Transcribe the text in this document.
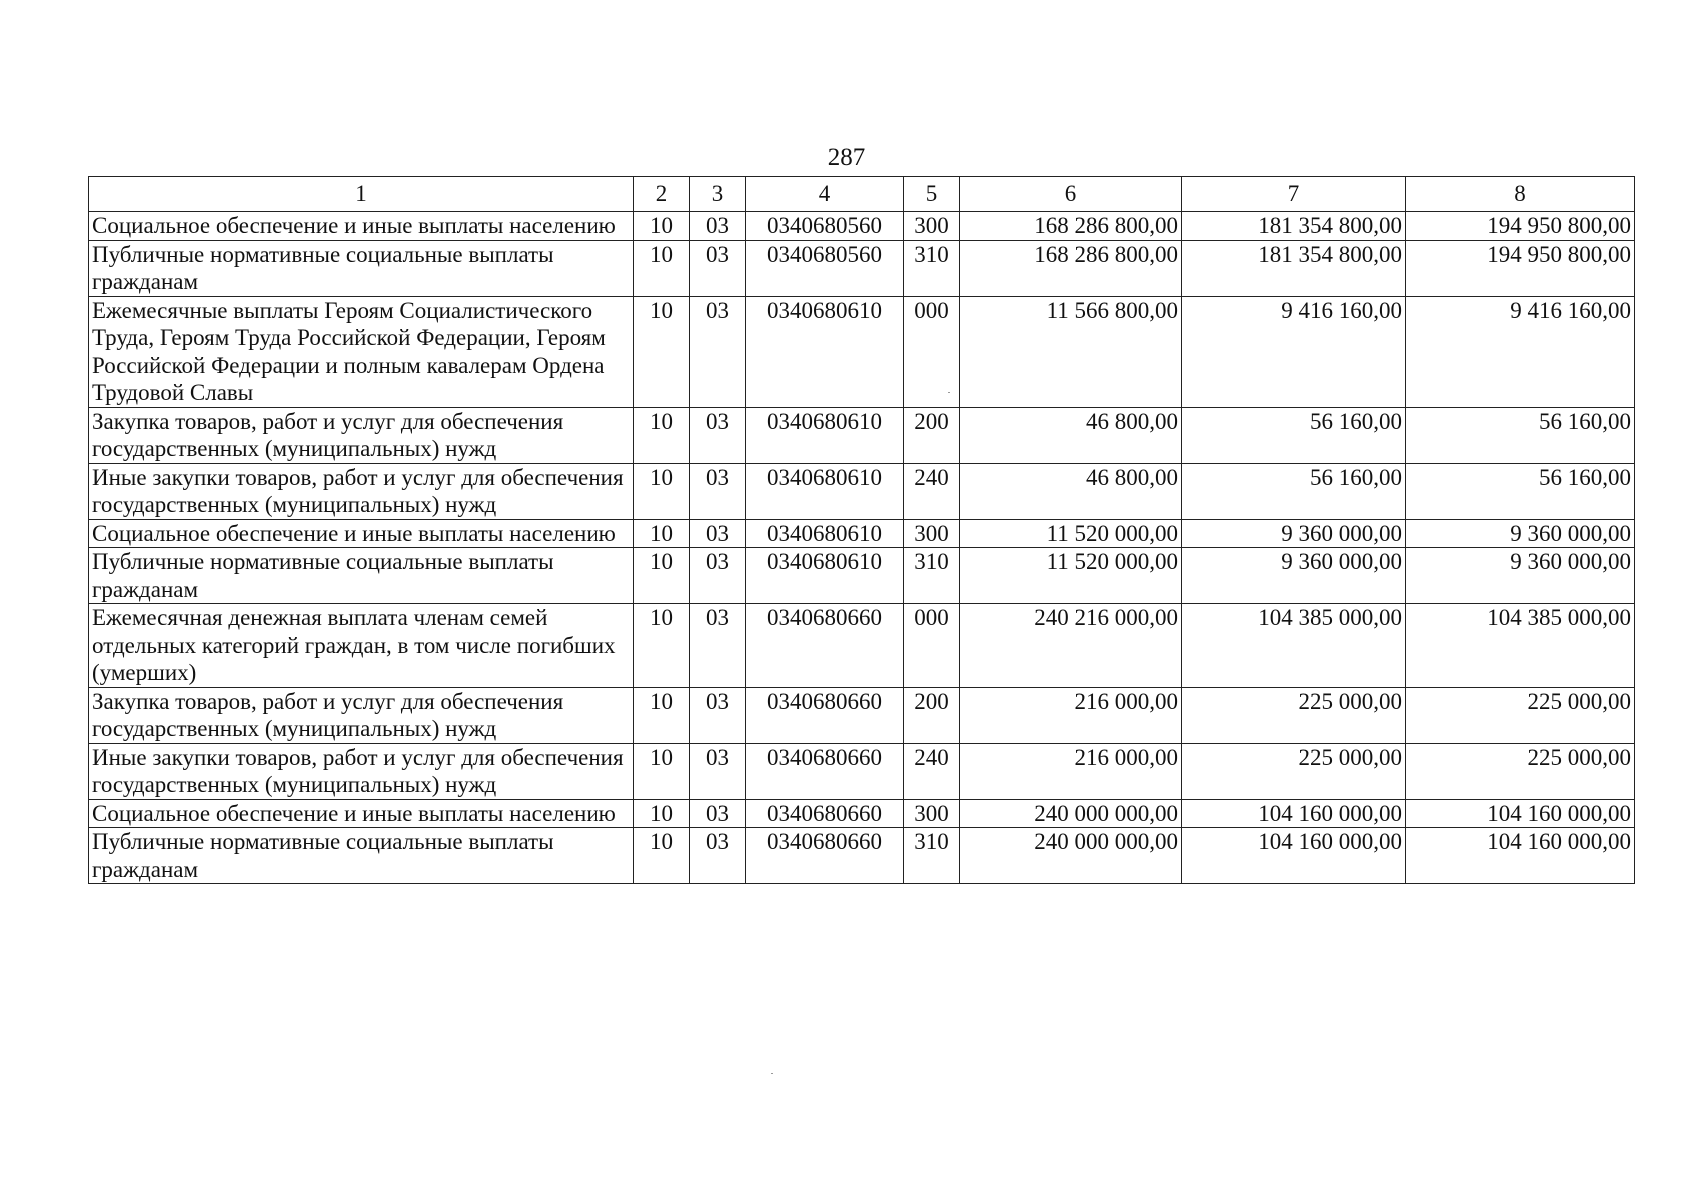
287
1	2	3	4	5	6	7	8
Социальное обеспечение и иные выплаты населению	10	03	0340680560	300	168 286 800,00	181 354 800,00	194 950 800,00
Публичные нормативные социальные выплаты гражданам	10	03	0340680560	310	168 286 800,00	181 354 800,00	194 950 800,00
Ежемесячные выплаты Героям Социалистического Труда, Героям Труда Российской Федерации, Героям Российской Федерации и полным кавалерам Ордена Трудовой Славы	10	03	0340680610	000	11 566 800,00	9 416 160,00	9 416 160,00
Закупка товаров, работ и услуг для обеспечения государственных (муниципальных) нужд	10	03	0340680610	200	46 800,00	56 160,00	56 160,00
Иные закупки товаров, работ и услуг для обеспечения государственных (муниципальных) нужд	10	03	0340680610	240	46 800,00	56 160,00	56 160,00
Социальное обеспечение и иные выплаты населению	10	03	0340680610	300	11 520 000,00	9 360 000,00	9 360 000,00
Публичные нормативные социальные выплаты гражданам	10	03	0340680610	310	11 520 000,00	9 360 000,00	9 360 000,00
Ежемесячная денежная выплата членам семей отдельных категорий граждан, в том числе погибших (умерших)	10	03	0340680660	000	240 216 000,00	104 385 000,00	104 385 000,00
Закупка товаров, работ и услуг для обеспечения государственных (муниципальных) нужд	10	03	0340680660	200	216 000,00	225 000,00	225 000,00
Иные закупки товаров, работ и услуг для обеспечения государственных (муниципальных) нужд	10	03	0340680660	240	216 000,00	225 000,00	225 000,00
Социальное обеспечение и иные выплаты населению	10	03	0340680660	300	240 000 000,00	104 160 000,00	104 160 000,00
Публичные нормативные социальные выплаты гражданам	10	03	0340680660	310	240 000 000,00	104 160 000,00	104 160 000,00
